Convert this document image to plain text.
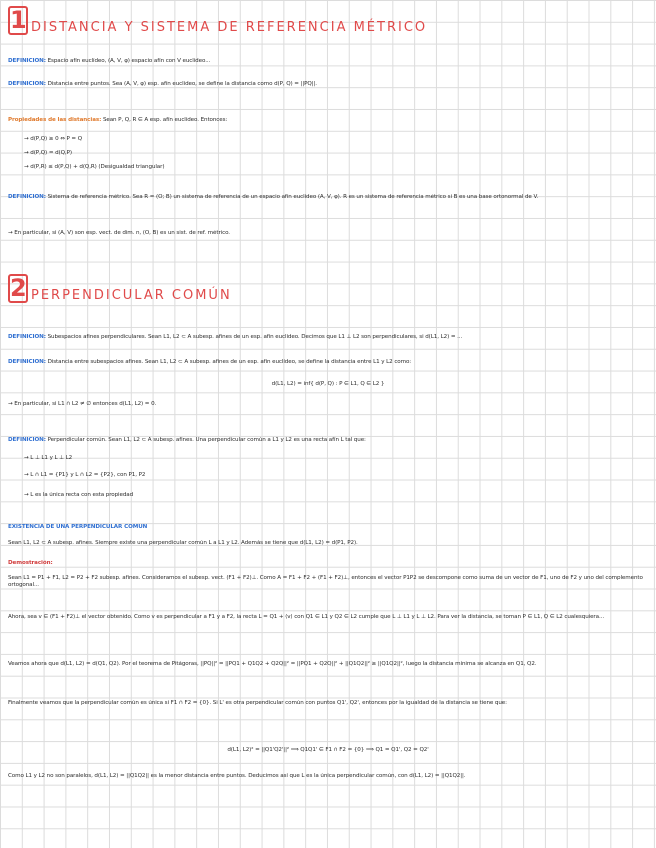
1 DISTANCIA Y SISTEMA DE REFERENCIA MÉTRICO
DEFINICIÓN: Espacio afín euclídeo, (A, V, φ) espacio afín con V euclídeo...
DEFINICIÓN: Distancia entre puntos. Sea (A, V, φ) esp. afín euclídeo, se define la distancia como d(P, Q) = ||PQ||.
Propiedades de las distancias: Sean P, Q, R ∈ A esp. afín euclídeo. Entonces:
→ d(P,Q) ≥ 0 ⇔ P = Q
→ d(P,Q) = d(Q,P)
→ d(P,R) ≤ d(P,Q) + d(Q,R) (Desigualdad triangular)
DEFINICIÓN: Sistema de referencia métrico. Sea R = (O; B) un sistema de referencia de un espacio afín euclídeo (A, V, φ). R es un sistema de referencia métrico si B es una base ortonormal de V.
→ En particular, si (A, V) son esp. vect. de dim. n, (O, B) es un sist. de ref. métrico.
2 PERPENDICULAR COMÚN
DEFINICIÓN: Subespacios afines perpendiculares. Sean L1, L2 ⊂ A subesp. afines de un esp. afín euclídeo. Decimos que L1 ⊥ L2 son perpendiculares, si d(L1, L2) = ...
DEFINICIÓN: Distancia entre subespacios afines. Sean L1, L2 ⊂ A subesp. afines de un esp. afín euclídeo, se define la distancia entre L1 y L2 como:
d(L1, L2) = inf{ d(P, Q) : P ∈ L1, Q ∈ L2 }
→ En particular, si L1 ∩ L2 ≠ ∅ entonces d(L1, L2) = 0.
DEFINICIÓN: Perpendicular común. Sean L1, L2 ⊂ A subesp. afines. Una perpendicular común a L1 y L2 es una recta afín L tal que:
→ L ⊥ L1 y L ⊥ L2
→ L ∩ L1 = {P1} y L ∩ L2 = {P2}, con P1, P2
→ L es la única recta con esta propiedad
EXISTENCIA DE UNA PERPENDICULAR COMÚN
Sean L1, L2 ⊂ A subesp. afines. Siempre existe una perpendicular común L a L1 y L2. Además se tiene que d(L1, L2) = d(P1, P2).
Demostración:
Sean L1 = P1 + F1, L2 = P2 + F2 subesp. afines. Consideramos el subesp. vect. (F1 + F2)⊥. Como A = F1 + F2 + (F1 + F2)⊥, entonces el vector P1P2 se descompone como suma de un vector de F1, uno de F2 y uno del complemento ortogonal...
Ahora, sea v ∈ (F1 + F2)⊥ el vector obtenido. Como v es perpendicular a F1 y a F2, la recta L = Q1 + ⟨v⟩ con Q1 ∈ L1 y Q2 ∈ L2 cumple que L ⊥ L1 y L ⊥ L2. Para ver la distancia, se toman P ∈ L1, Q ∈ L2 cualesquiera...
Veamos ahora que d(L1, L2) = d(Q1, Q2). Por el teorema de Pitágoras, ||PQ||² = ||PQ1 + Q1Q2 + Q2Q||² = ||PQ1 + Q2Q||² + ||Q1Q2||² ≥ ||Q1Q2||², luego la distancia mínima se alcanza en Q1, Q2.
Finalmente veamos que la perpendicular común es única si F1 ∩ F2 = {0}. Si L' es otra perpendicular común con puntos Q1', Q2', entonces por la igualdad de la distancia se tiene que:
d(L1, L2)² = ||Q1'Q2'||² ⟹ Q1Q1' ∈ F1 ∩ F2 = {0} ⟹ Q1 = Q1', Q2 = Q2'
Como L1 y L2 no son paralelos, d(L1, L2) = ||Q1Q2|| es la menor distancia entre puntos. Deducimos así que L es la única perpendicular común, con d(L1, L2) = ||Q1Q2||.
